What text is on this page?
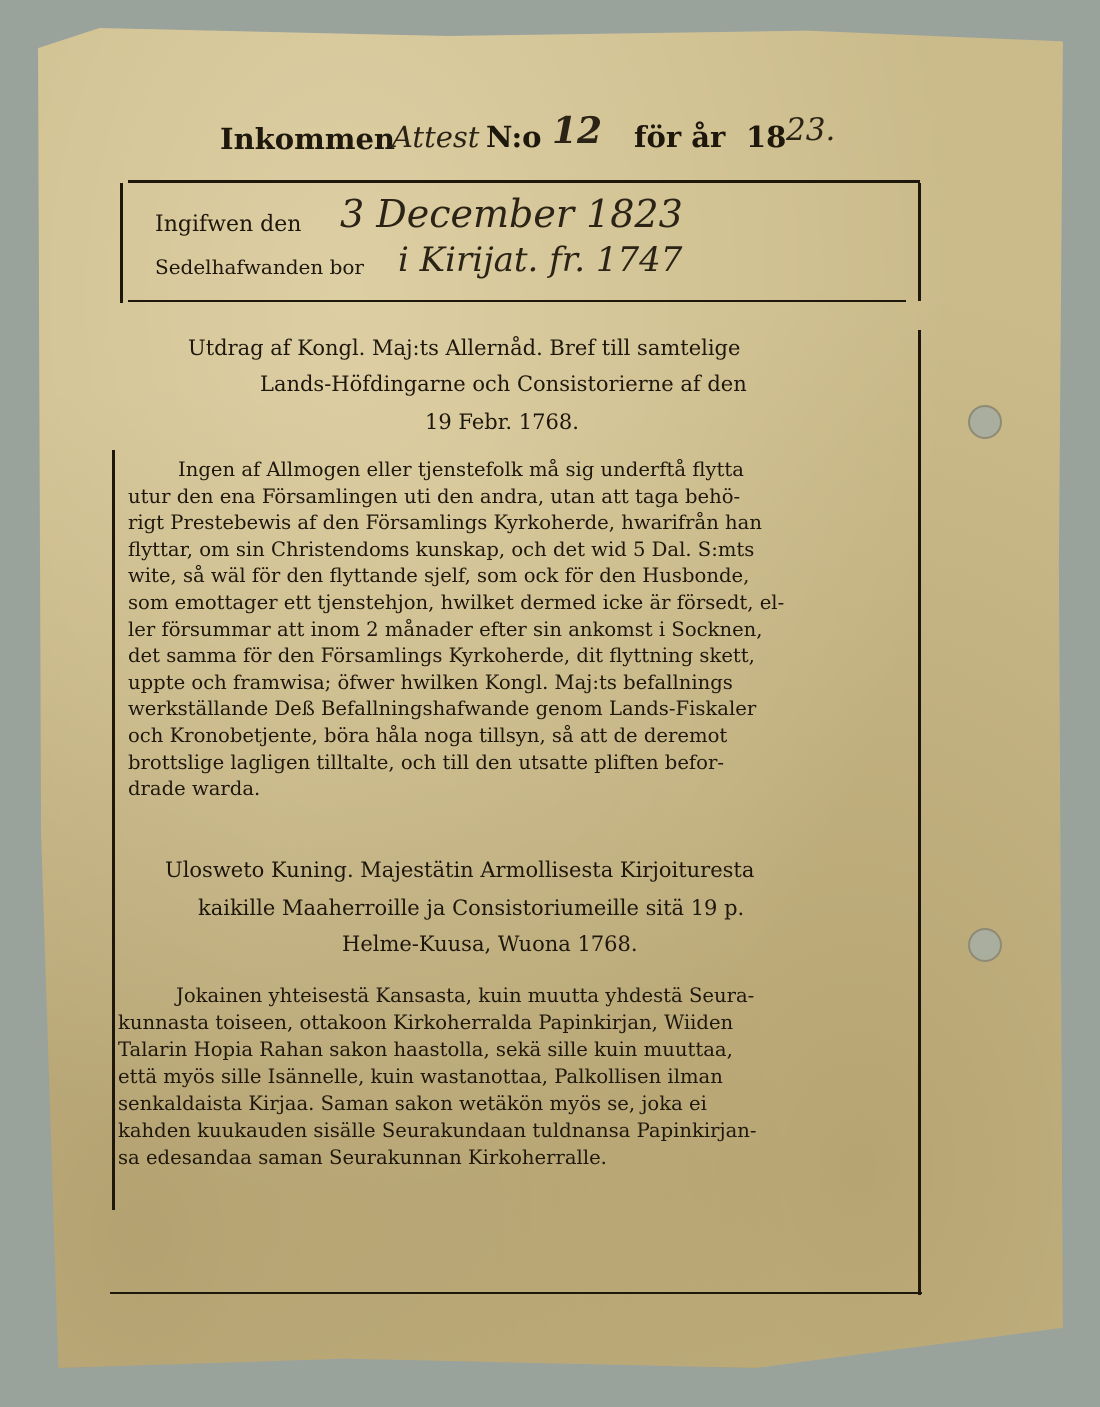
Inkommen
Attest N:o 12 för år 18 23.
Ingifwen den 3 December 1823
Sedelhafwanden bor i Kirijat. fr. 1747
Utdrag af Kongl. Maj:ts Allernåd. Bref till samtelige
Lands-Höfdingarne och Consistorierne af den
19 Febr. 1768.
Ingen af Allmogen eller tjenstefolk må sig underftå flytta
utur den ena Församlingen uti den andra, utan att taga behö-
rigt Prestebewis af den Församlings Kyrkoherde, hwarifrån han
flyttar, om sin Christendoms kunskap, och det wid 5 Dal. S:mts
wite, så wäl för den flyttande sjelf, som ock för den Husbonde,
som emottager ett tjenstehjon, hwilket dermed icke är försedt, el-
ler försummar att inom 2 månader efter sin ankomst i Socknen,
det samma för den Församlings Kyrkoherde, dit flyttning skett,
uppte och framwisa; öfwer hwilken Kongl. Maj:ts befallnings
werkställande Deß Befallningshafwande genom Lands-Fiskaler
och Kronobetjente, böra håla noga tillsyn, så att de deremot
brottslige lagligen tilltalte, och till den utsatte pliften befor-
drade warda.
Ulosweto Kuning. Majestätin Armollisesta Kirjoituresta
kaikille Maaherroille ja Consistoriumeille sitä 19 p.
Helme-Kuusa, Wuona 1768.
Jokainen yhteisestä Kansasta, kuin muutta yhdestä Seura-
kunnasta toiseen, ottakoon Kirkoherralda Papinkirjan, Wiiden
Talarin Hopia Rahan sakon haastolla, sekä sille kuin muuttaa,
että myös sille Isännelle, kuin wastanottaa, Palkollisen ilman
senkaldaista Kirjaa. Saman sakon wetäkön myös se, joka ei
kahden kuukauden sisälle Seurakundaan tuldnansa Papinkirjan-
sa edesandaa saman Seurakunnan Kirkoherralle.
